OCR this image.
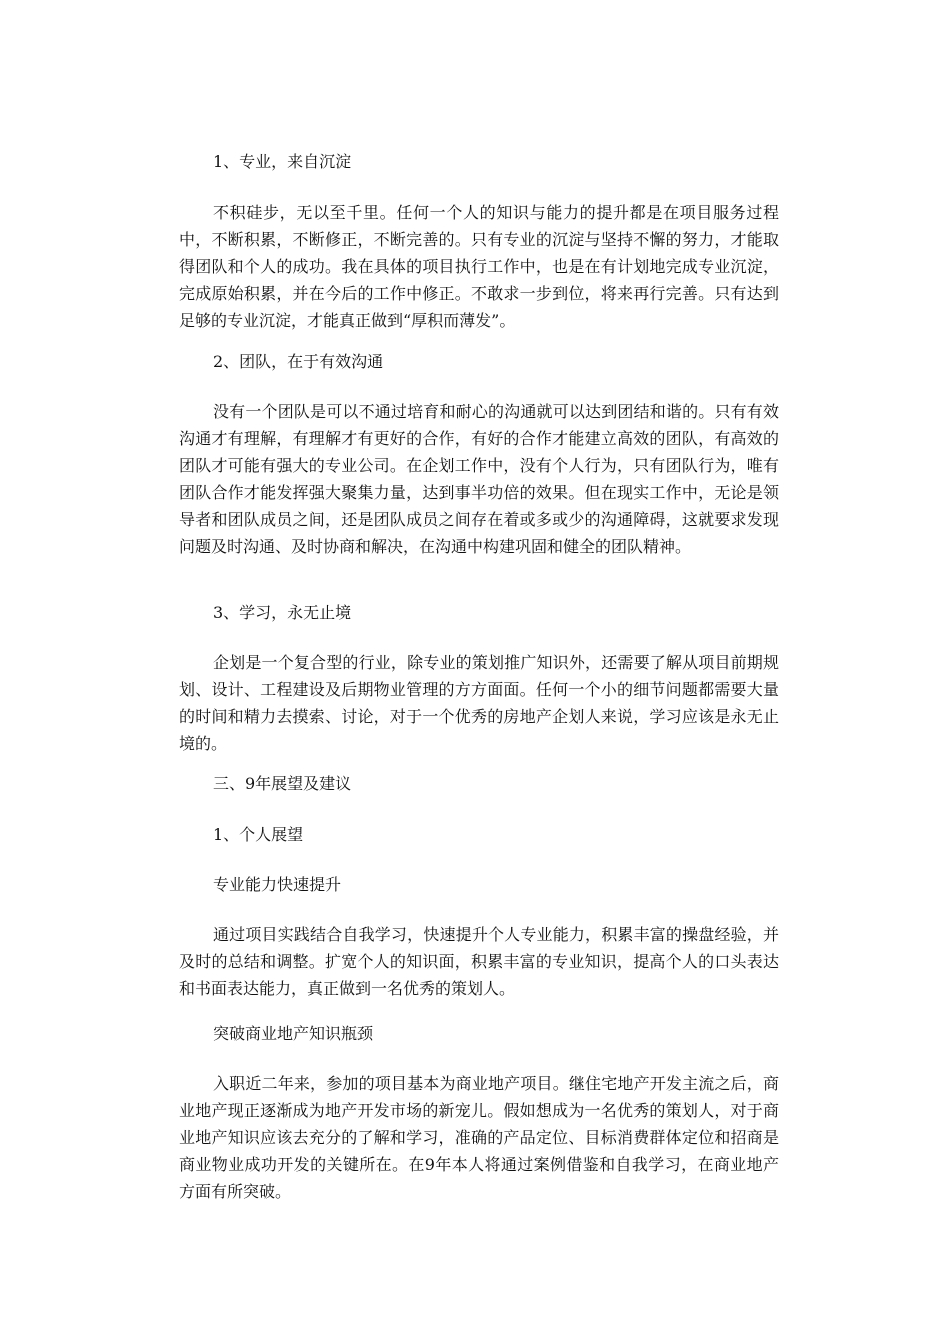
1、专业，来自沉淀

不积硅步，无以至千里。任何一个人的知识与能力的提升都是在项目服务过程中，不断积累，不断修正，不断完善的。只有专业的沉淀与坚持不懈的努力，才能取得团队和个人的成功。我在具体的项目执行工作中，也是在有计划地完成专业沉淀，完成原始积累，并在今后的工作中修正。不敢求一步到位，将来再行完善。只有达到足够的专业沉淀，才能真正做到“厚积而薄发”。

2、团队，在于有效沟通

没有一个团队是可以不通过培育和耐心的沟通就可以达到团结和谐的。只有有效沟通才有理解，有理解才有更好的合作，有好的合作才能建立高效的团队，有高效的团队才可能有强大的专业公司。在企划工作中，没有个人行为，只有团队行为，唯有团队合作才能发挥强大聚集力量，达到事半功倍的效果。但在现实工作中，无论是领导者和团队成员之间，还是团队成员之间存在着或多或少的沟通障碍，这就要求发现问题及时沟通、及时协商和解决，在沟通中构建巩固和健全的团队精神。

3、学习，永无止境

企划是一个复合型的行业，除专业的策划推广知识外，还需要了解从项目前期规划、设计、工程建设及后期物业管理的方方面面。任何一个小的细节问题都需要大量的时间和精力去摸索、讨论，对于一个优秀的房地产企划人来说，学习应该是永无止境的。

三、9年展望及建议
1、个人展望
专业能力快速提升

通过项目实践结合自我学习，快速提升个人专业能力，积累丰富的操盘经验，并及时的总结和调整。扩宽个人的知识面，积累丰富的专业知识，提高个人的口头表达和书面表达能力，真正做到一名优秀的策划人。

突破商业地产知识瓶颈

入职近二年来，参加的项目基本为商业地产项目。继住宅地产开发主流之后，商业地产现正逐渐成为地产开发市场的新宠儿。假如想成为一名优秀的策划人，对于商业地产知识应该去充分的了解和学习，准确的产品定位、目标消费群体定位和招商是商业物业成功开发的关键所在。在9年本人将通过案例借鉴和自我学习，在商业地产方面有所突破。
